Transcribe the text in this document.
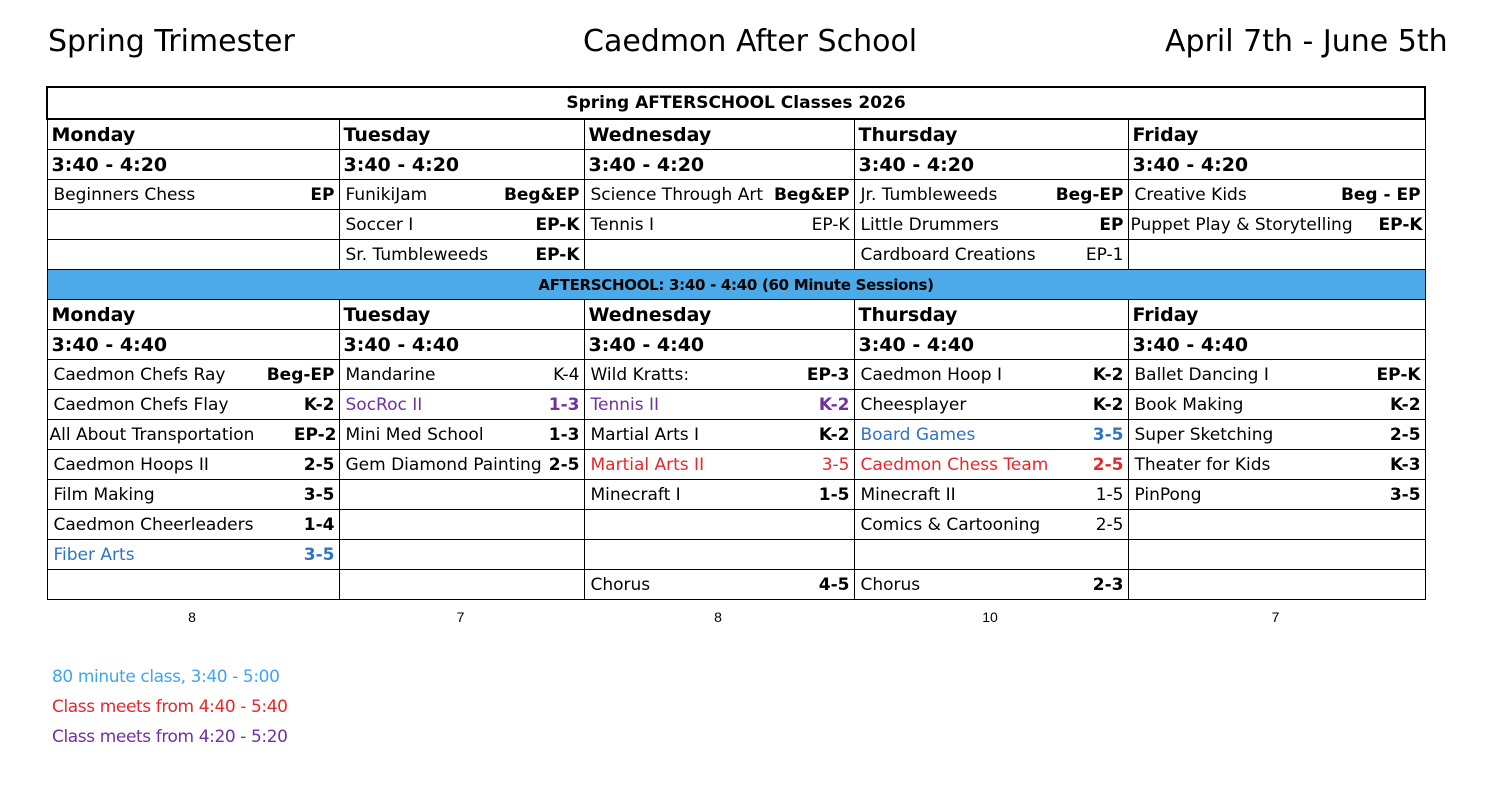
Spring Trimester	Caedmon After School	April 7th - June 5th
Spring AFTERSCHOOL Classes 2026				
Monday	Tuesday	Wednesday	Thursday	Friday
3:40 - 4:20	3:40 - 4:20	3:40 - 4:20	3:40 - 4:20	3:40 - 4:20

Beginners Chess EP	FunikiJam Beg&EP	Science Through Art Beg&EP	Jr. Tumbleweeds Beg-EP	Creative Kids Beg - EP

	Soccer I EP-K	Tennis I EP-K	Little Drummers EP	Puppet Play & Storytelling EP-K

	Sr. Tumbleweeds EP-K		Cardboard Creations EP-1	

AFTERSCHOOL: 3:40 - 4:40 (60 Minute Sessions)				
Monday	Tuesday	Wednesday	Thursday	Friday
3:40 - 4:40	3:40 - 4:40	3:40 - 4:40	3:40 - 4:40	3:40 - 4:40

Caedmon Chefs Ray Beg-EP	Mandarine K-4	Wild Kratts: EP-3	Caedmon Hoop I K-2	Ballet Dancing I EP-K

Caedmon Chefs Flay K-2	SocRoc II 1-3	Tennis II K-2	Cheesplayer K-2	Book Making K-2

All About Transportation EP-2	Mini Med School 1-3	Martial Arts I K-2	Board Games 3-5	Super Sketching 2-5

Caedmon Hoops II 2-5	Gem Diamond Painting 2-5	Martial Arts II 3-5	Caedmon Chess Team 2-5	Theater for Kids K-3

Film Making 3-5		Minecraft I 1-5	Minecraft II 1-5	PinPong 3-5

Caedmon Cheerleaders 1-4			Comics & Cartooning 2-5	

Fiber Arts 3-5				

		Chorus 4-5	Chorus 2-3	

8	7	8	10	7
80 minute class, 3:40 - 5:00
Class meets from 4:40 - 5:40
Class meets from 4:20 - 5:20
